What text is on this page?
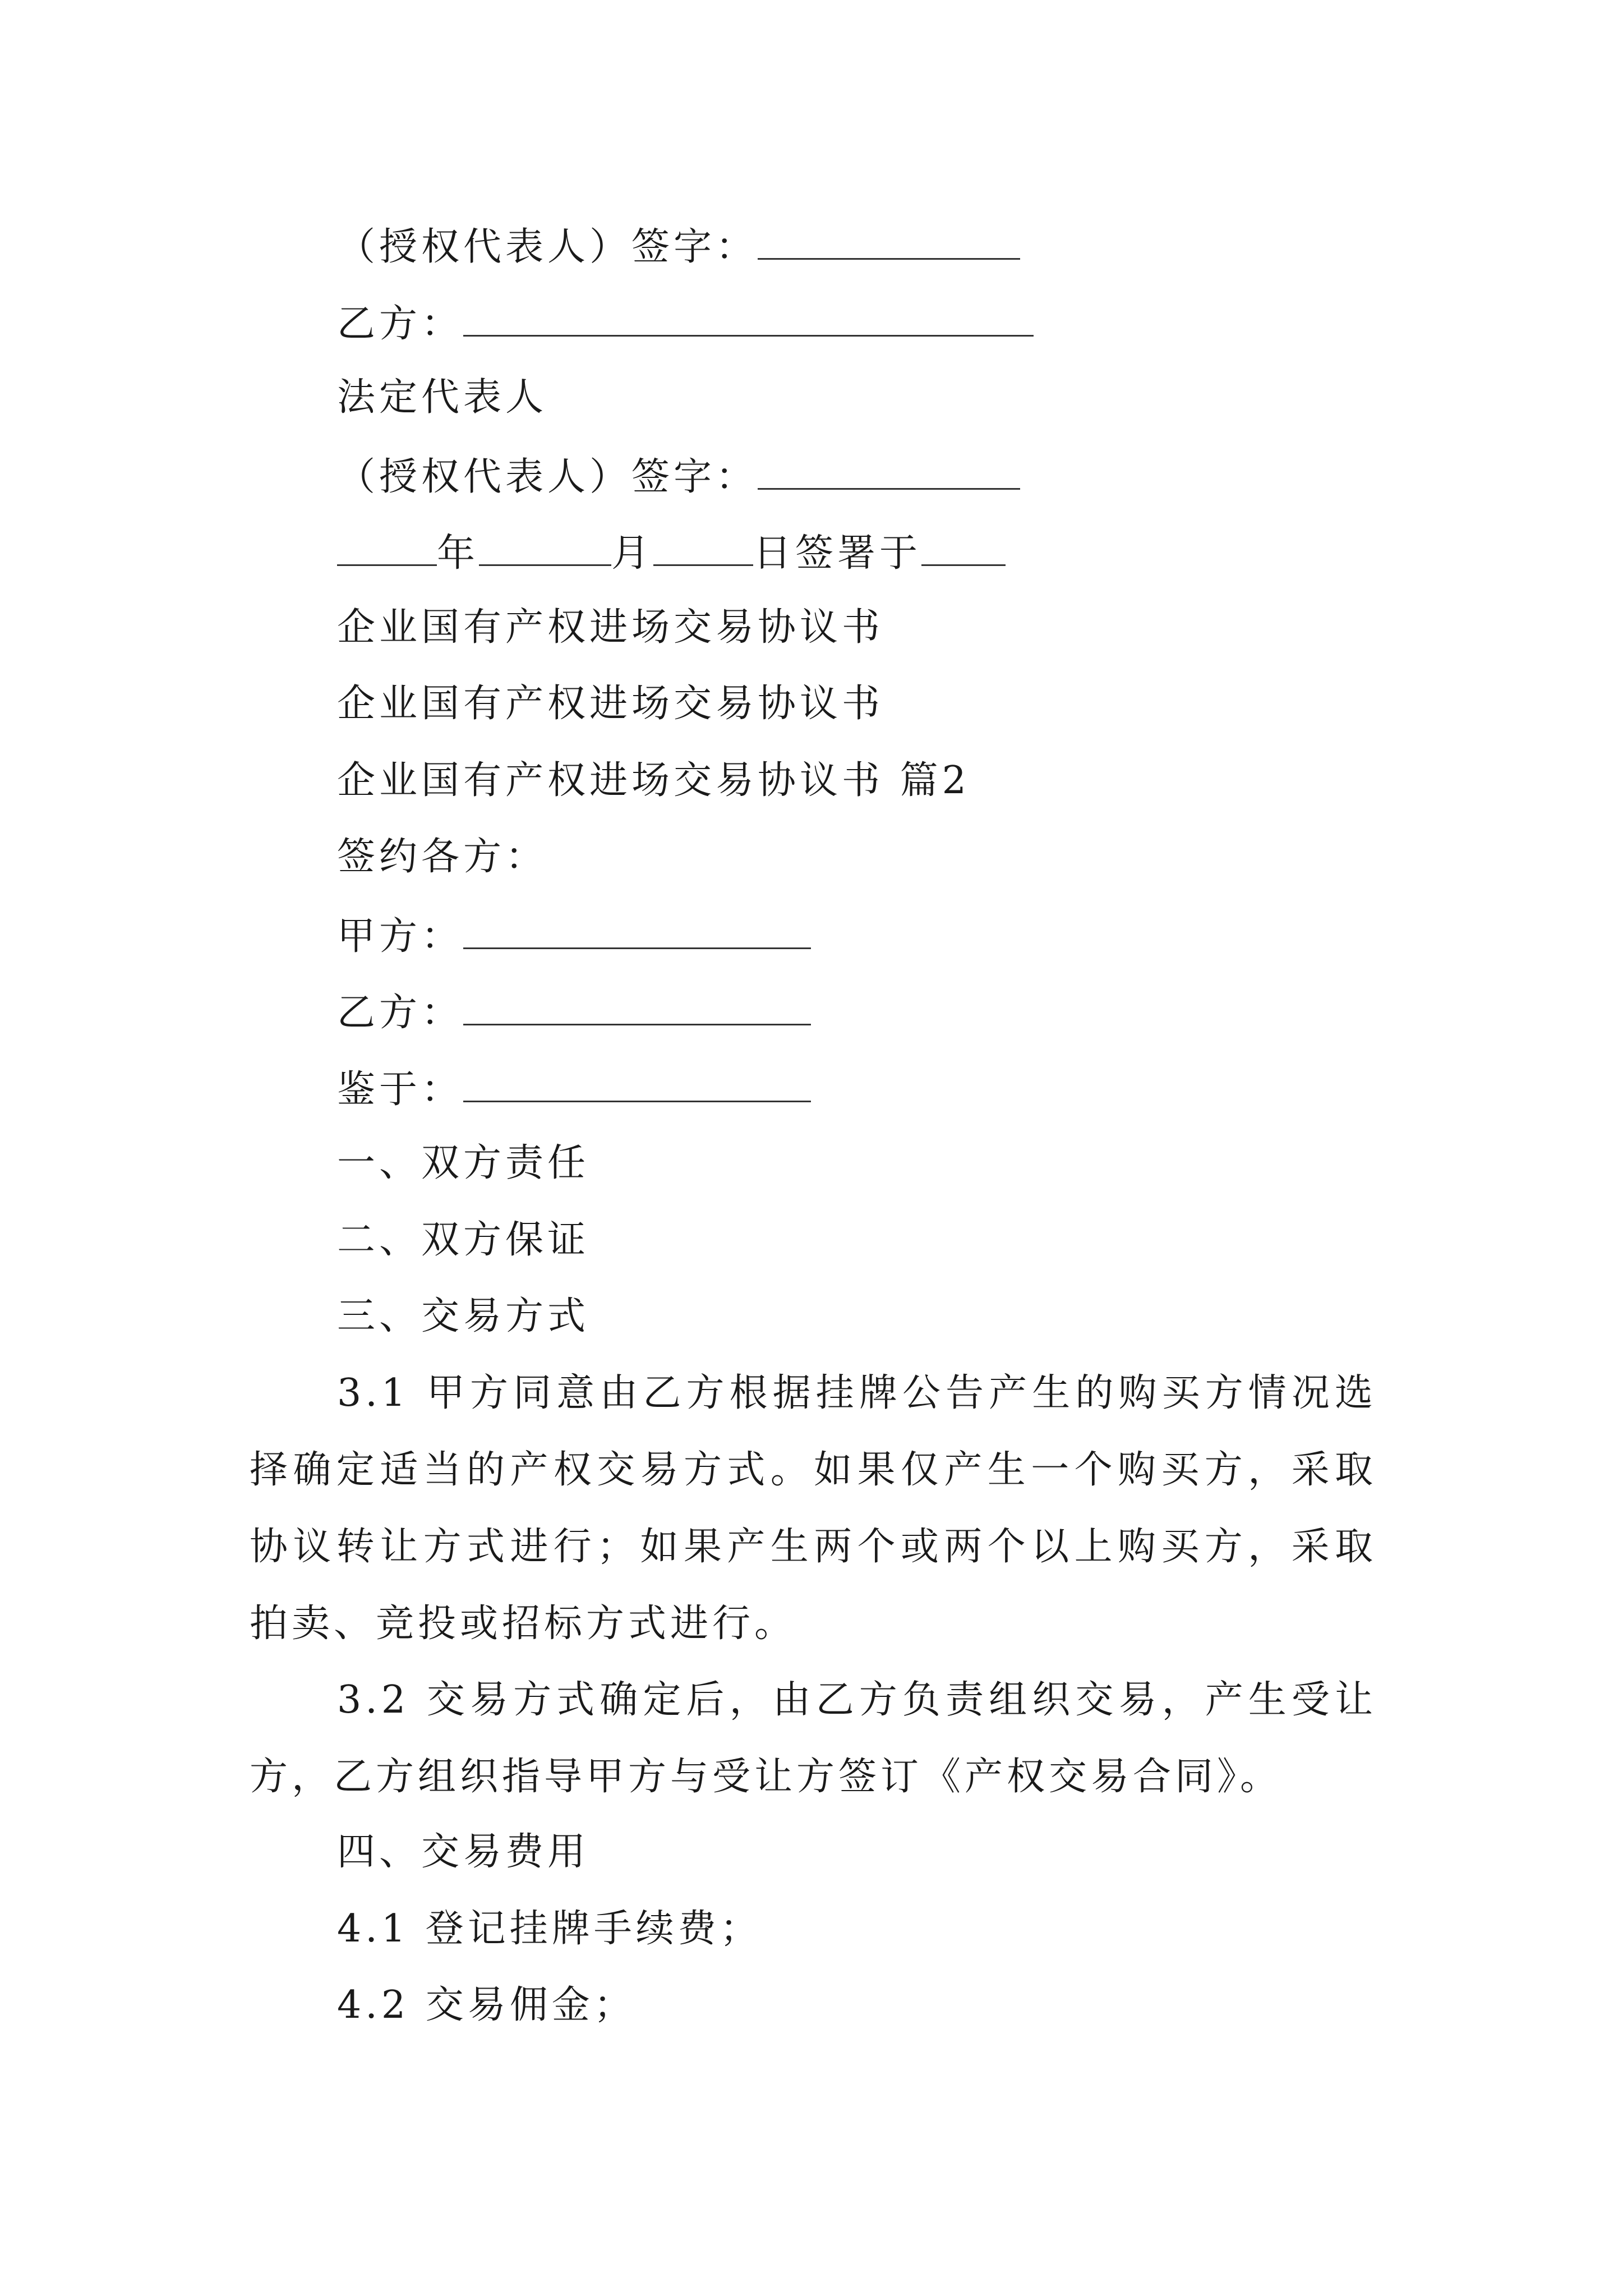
（授权代表人）签字：
乙方：
法定代表人
（授权代表人）签字：
年	月	日签署于
企业国有产权进场交易协议书
企业国有产权进场交易协议书
企业国有产权进场交易协议书 篇2
签约各方：
甲方：
乙方：
鉴于：
一、双方责任
二、双方保证
三、交易方式

3.1 甲方同意由乙方根据挂牌公告产生的购买方情况选择确定适当的产权交易方式。如果仅产生一个购买方，采取协议转让方式进行；如果产生两个或两个以上购买方，采取拍卖、竞投或招标方式进行。

3.2 交易方式确定后，由乙方负责组织交易，产生受让方，乙方组织指导甲方与受让方签订《产权交易合同》。

四、交易费用
4.1 登记挂牌手续费；
4.2 交易佣金；
